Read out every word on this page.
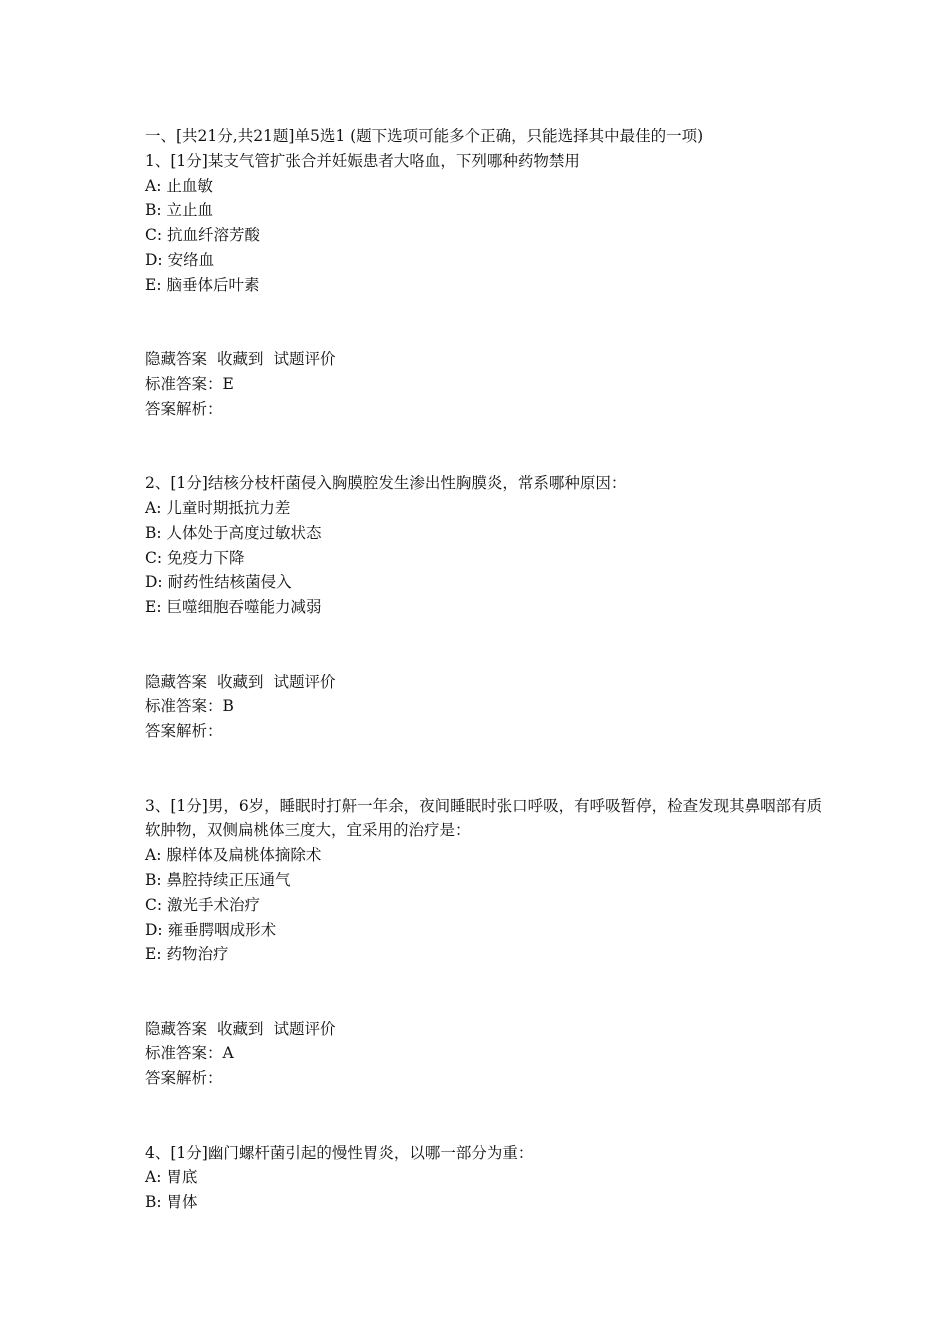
一、[共21分,共21题]单5选1 (题下选项可能多个正确，只能选择其中最佳的一项)
1、[1分]某支气管扩张合并妊娠患者大咯血，下列哪种药物禁用
A: 止血敏
B: 立止血
C: 抗血纤溶芳酸
D: 安络血
E: 脑垂体后叶素
隐藏答案 收藏到 试题评价
标准答案：E
答案解析：
2、[1分]结核分枝杆菌侵入胸膜腔发生渗出性胸膜炎，常系哪种原因：
A: 儿童时期抵抗力差
B: 人体处于高度过敏状态
C: 免疫力下降
D: 耐药性结核菌侵入
E: 巨噬细胞吞噬能力减弱
隐藏答案 收藏到 试题评价
标准答案：B
答案解析：
3、[1分]男，6岁，睡眠时打鼾一年余，夜间睡眠时张口呼吸，有呼吸暂停，检查发现其鼻咽部有质软肿物，双侧扁桃体三度大，宜采用的治疗是：
A: 腺样体及扁桃体摘除术
B: 鼻腔持续正压通气
C: 激光手术治疗
D: 雍垂腭咽成形术
E: 药物治疗
隐藏答案 收藏到 试题评价
标准答案：A
答案解析：
4、[1分]幽门螺杆菌引起的慢性胃炎，以哪一部分为重：
A: 胃底
B: 胃体
